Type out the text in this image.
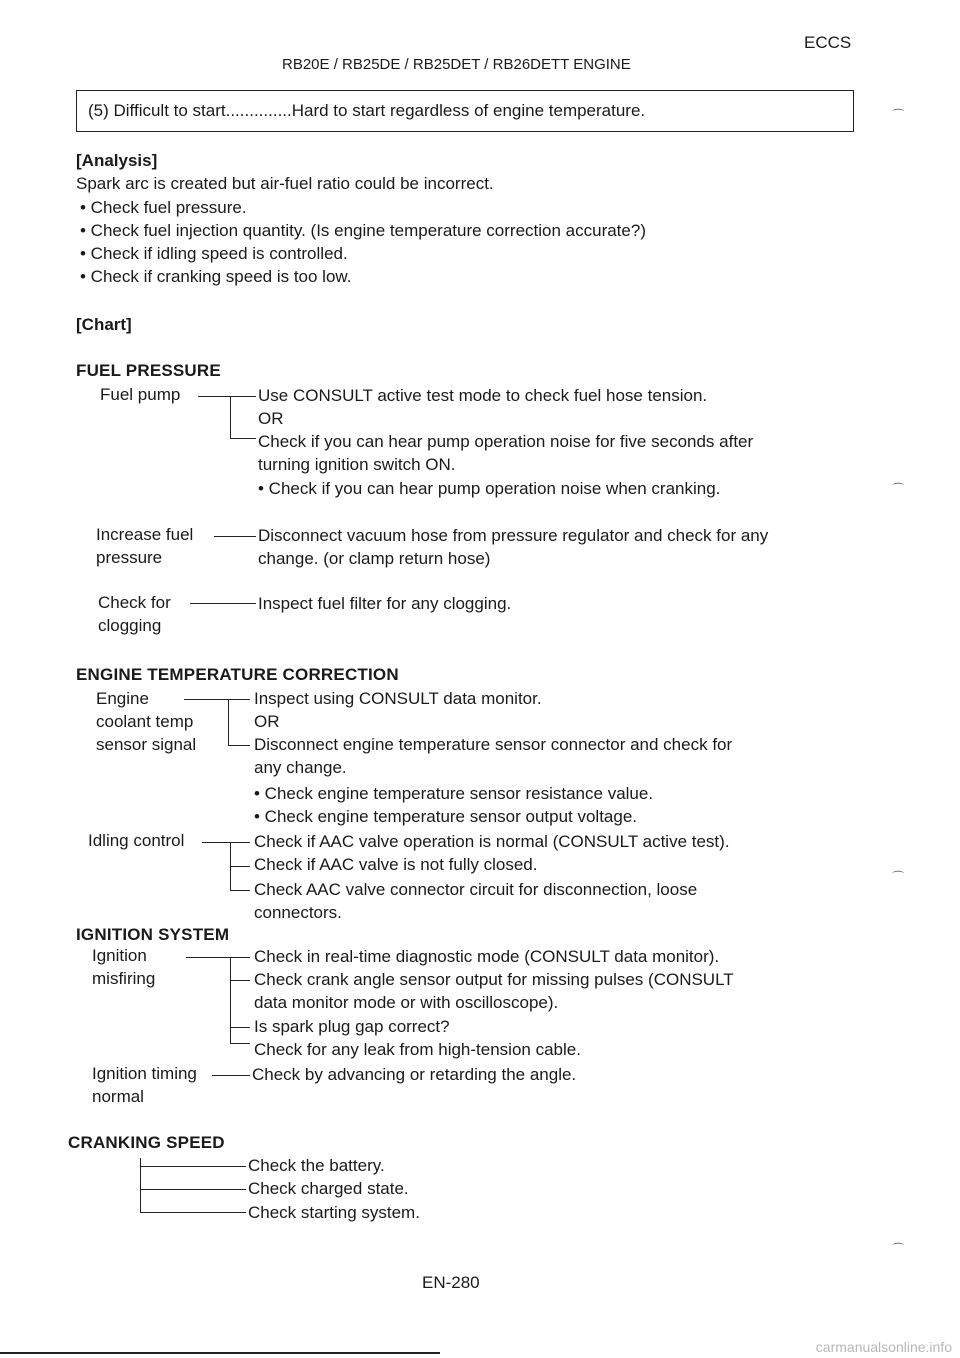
ECCS
RB20E / RB25DE / RB25DET / RB26DETT ENGINE
(5) Difficult to start..............Hard to start regardless of engine temperature.
[Analysis]
Spark arc is created but air-fuel ratio could be incorrect.
• Check fuel pressure.
• Check fuel injection quantity. (Is engine temperature correction accurate?)
• Check if idling speed is controlled.
• Check if cranking speed is too low.
[Chart]
FUEL PRESSURE
Fuel pump	Use CONSULT active test mode to check fuel hose tension.
OR
Check if you can hear pump operation noise for five seconds after
turning ignition switch ON.
• Check if you can hear pump operation noise when cranking.
Increase fuel
pressure
Disconnect vacuum hose from pressure regulator and check for any
change. (or clamp return hose)
Check for
clogging
Inspect fuel filter for any clogging.
ENGINE TEMPERATURE CORRECTION
Engine
coolant temp
sensor signal
Inspect using CONSULT data monitor.
OR
Disconnect engine temperature sensor connector and check for
any change.
• Check engine temperature sensor resistance value.
• Check engine temperature sensor output voltage.
Idling control	Check if AAC valve operation is normal (CONSULT active test).
Check if AAC valve is not fully closed.
Check AAC valve connector circuit for disconnection, loose
connectors.
IGNITION SYSTEM
Ignition
misfiring
Check in real-time diagnostic mode (CONSULT data monitor).
Check crank angle sensor output for missing pulses (CONSULT
data monitor mode or with oscilloscope).
Is spark plug gap correct?
Check for any leak from high-tension cable.
Ignition timing
normal
Check by advancing or retarding the angle.
CRANKING SPEED
Check the battery.
Check charged state.
Check starting system.
EN-280
⌒
⌒
⌒
⌒
carmanualsonline.info
